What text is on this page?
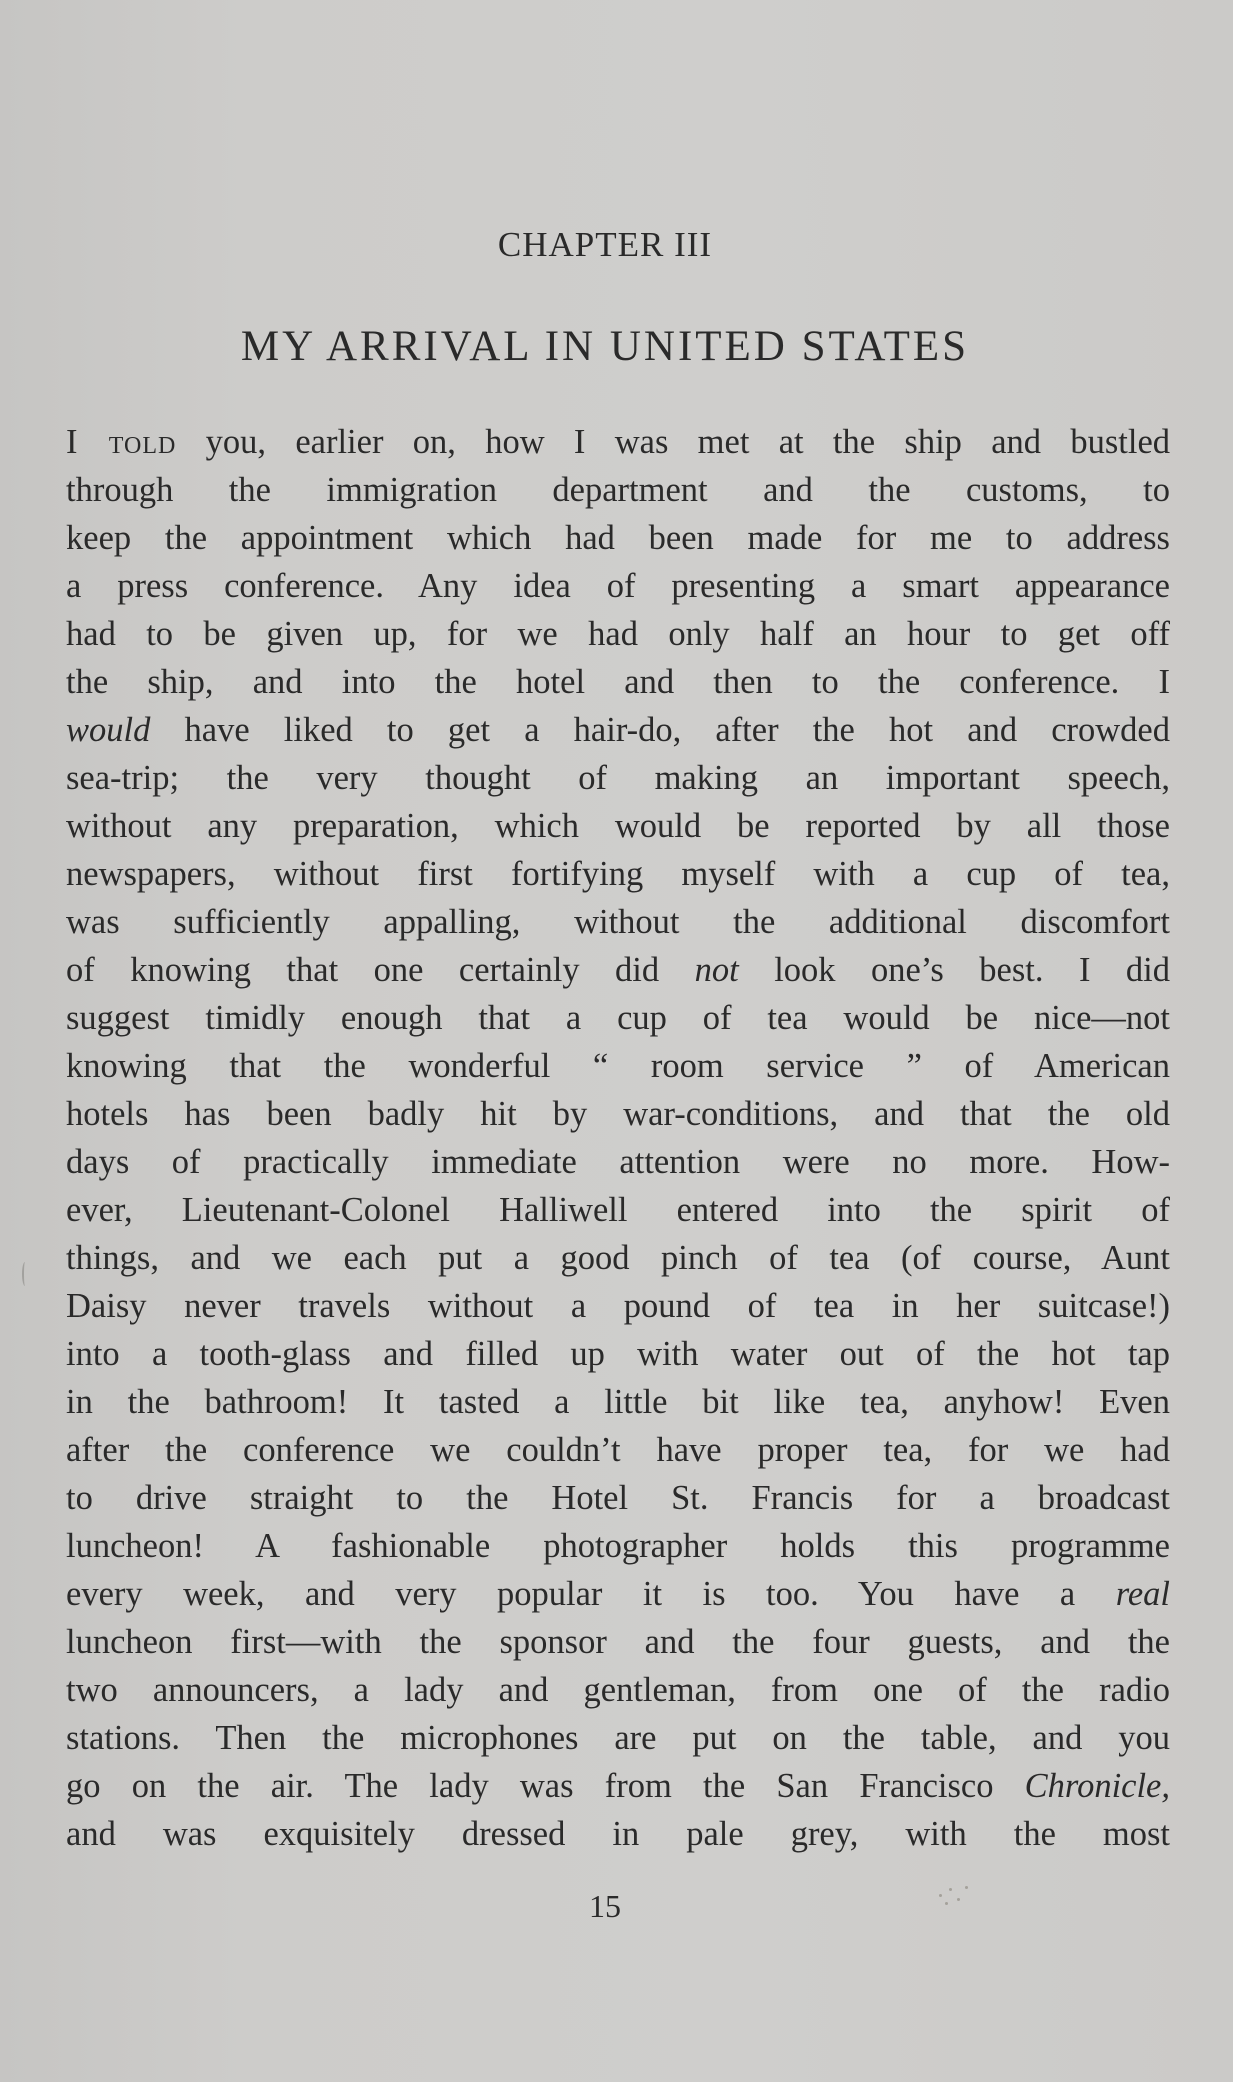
CHAPTER III
MY ARRIVAL IN UNITED STATES
I told you, earlier on, how I was met at the ship and bustled
through the immigration department and the customs, to
keep the appointment which had been made for me to address
a press conference. Any idea of presenting a smart appearance
had to be given up, for we had only half an hour to get off
the ship, and into the hotel and then to the conference. I
would have liked to get a hair-do, after the hot and crowded
sea-trip; the very thought of making an important speech,
without any preparation, which would be reported by all those
newspapers, without first fortifying myself with a cup of tea,
was sufficiently appalling, without the additional discomfort
of knowing that one certainly did not look one’s best. I did
suggest timidly enough that a cup of tea would be nice—not
knowing that the wonderful “ room service ” of American
hotels has been badly hit by war-conditions, and that the old
days of practically immediate attention were no more. How-
ever, Lieutenant-Colonel Halliwell entered into the spirit of
things, and we each put a good pinch of tea (of course, Aunt
Daisy never travels without a pound of tea in her suitcase!)
into a tooth-glass and filled up with water out of the hot tap
in the bathroom! It tasted a little bit like tea, anyhow! Even
after the conference we couldn’t have proper tea, for we had
to drive straight to the Hotel St. Francis for a broadcast
luncheon! A fashionable photographer holds this programme
every week, and very popular it is too. You have a real
luncheon first—with the sponsor and the four guests, and the
two announcers, a lady and gentleman, from one of the radio
stations. Then the microphones are put on the table, and you
go on the air. The lady was from the San Francisco Chronicle,
and was exquisitely dressed in pale grey, with the most
15
